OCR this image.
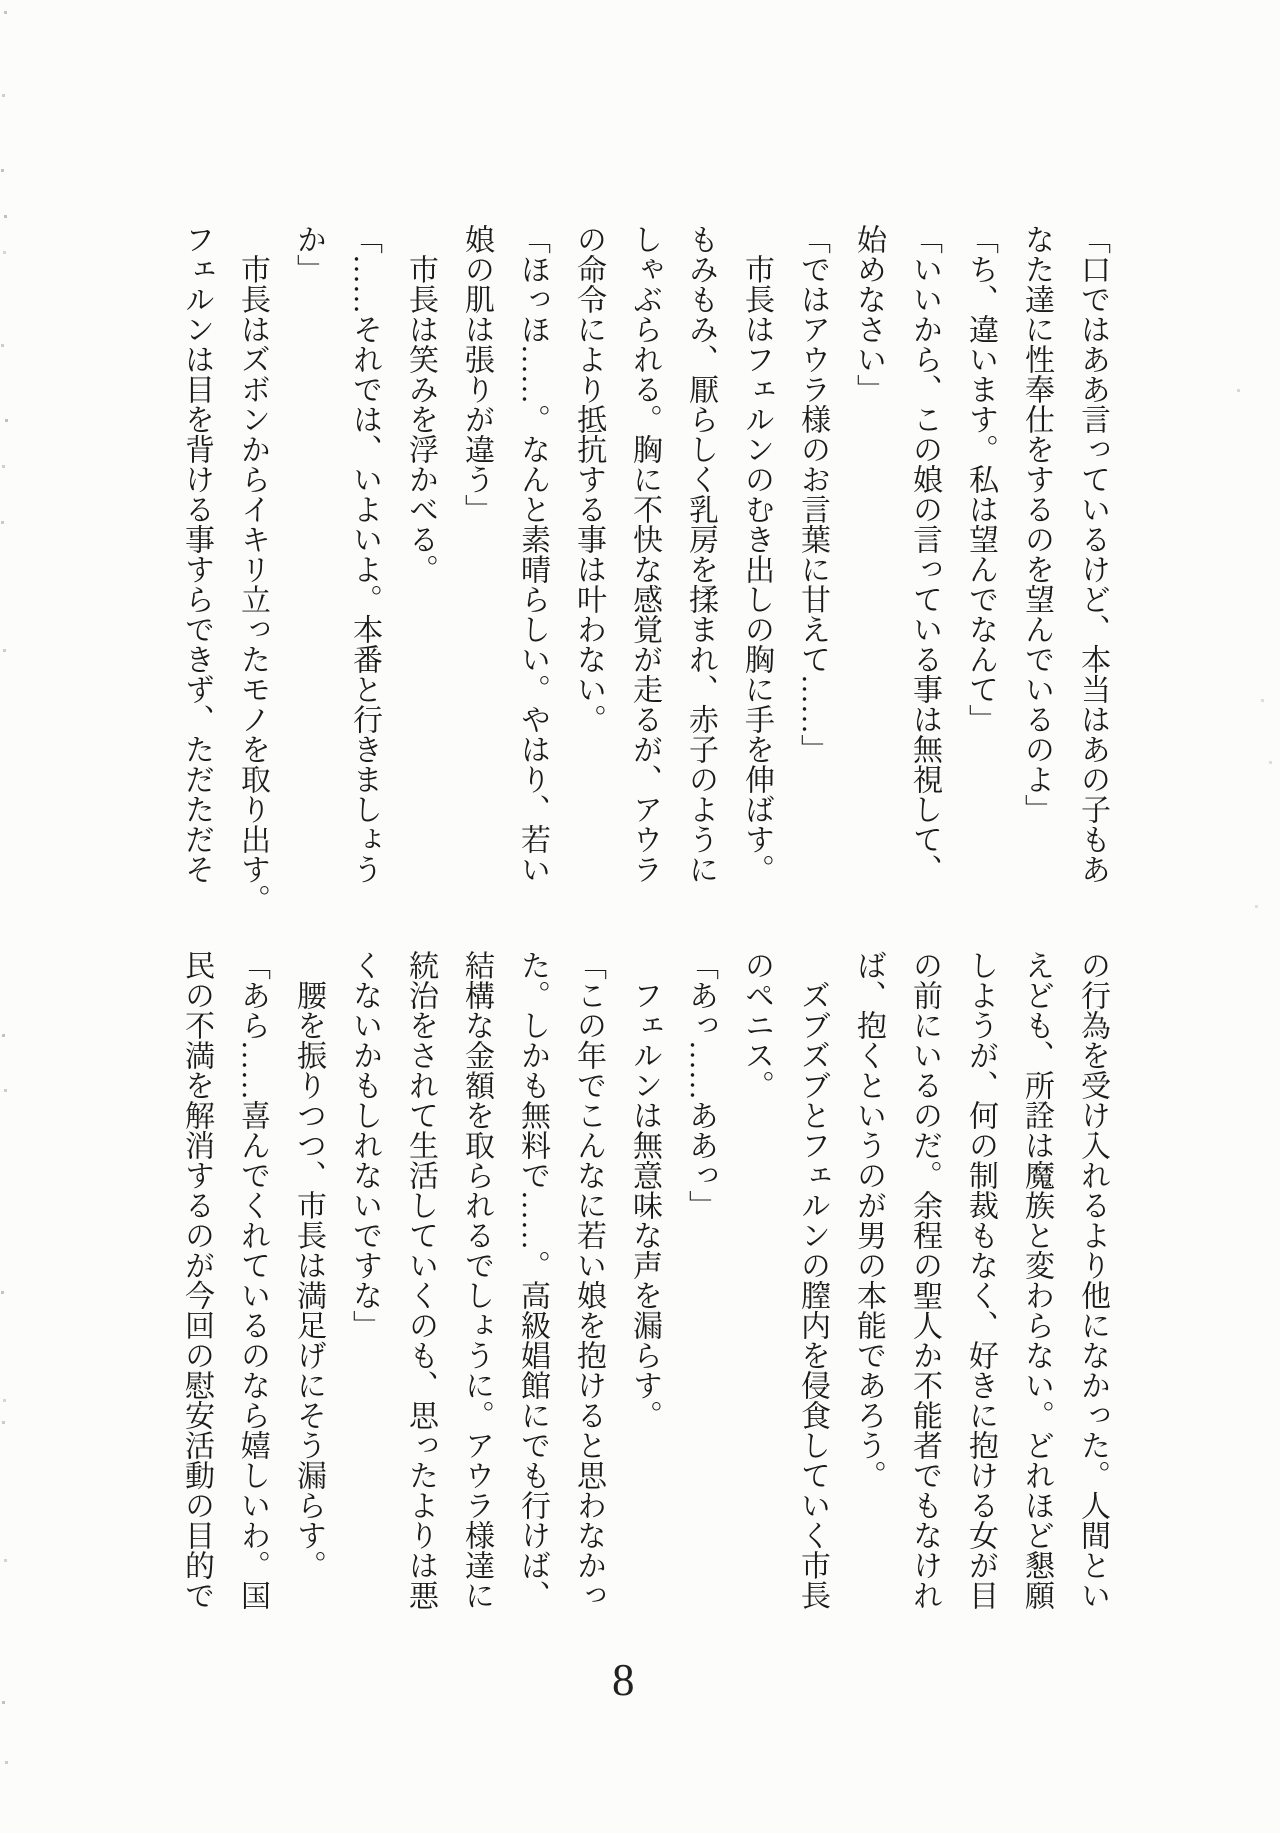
「口ではああ言っているけど、本当はあの子もあ

なた達に性奉仕をするのを望んでいるのよ」

「ち、違います。私は望んでなんて」

「いいから、この娘の言っている事は無視して、

始めなさい」

「ではアウラ様のお言葉に甘えて……」

市長はフェルンのむき出しの胸に手を伸ばす。

もみもみ、厭らしく乳房を揉まれ、赤子のように

しゃぶられる。胸に不快な感覚が走るが、アウラ

の命令により抵抗する事は叶わない。

「ほっほ……。なんと素晴らしい。やはり、若い

娘の肌は張りが違う」

市長は笑みを浮かべる。

「……それでは、いよいよ。本番と行きましょう

か」

市長はズボンからイキリ立ったモノを取り出す。

フェルンは目を背ける事すらできず、ただただそ

の行為を受け入れるより他になかった。人間とい

えども、所詮は魔族と変わらない。どれほど懇願

しようが、何の制裁もなく、好きに抱ける女が目

の前にいるのだ。余程の聖人か不能者でもなけれ

ば、抱くというのが男の本能であろう。

ズブズブとフェルンの膣内を侵食していく市長

のペニス。

「あっ……ああっ」

フェルンは無意味な声を漏らす。

「この年でこんなに若い娘を抱けると思わなかっ

た。しかも無料で……。高級娼館にでも行けば、

結構な金額を取られるでしょうに。アウラ様達に

統治をされて生活していくのも、思ったよりは悪

くないかもしれないですな」

腰を振りつつ、市長は満足げにそう漏らす。

「あら……喜んでくれているのなら嬉しいわ。国

民の不満を解消するのが今回の慰安活動の目的で

8
